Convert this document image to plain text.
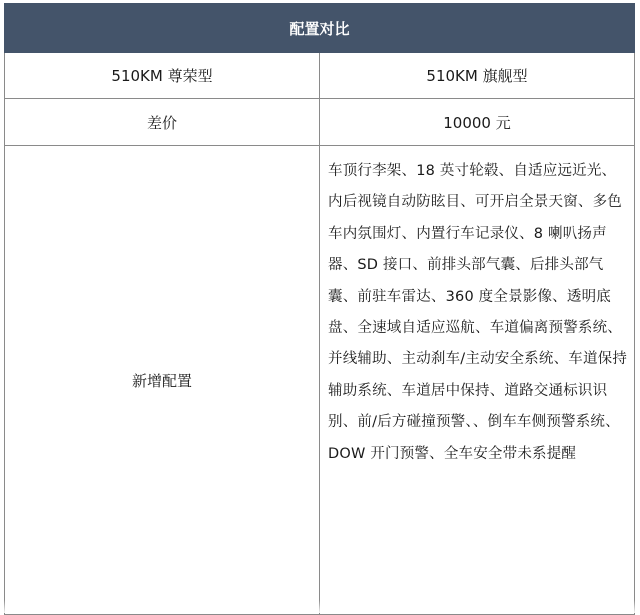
配置对比	
510KM 尊荣型	510KM 旗舰型
差价	10000 元
新增配置	车顶行李架、18 英寸轮毂、自适应远近光、内后视镜自动防眩目、可开启全景天窗、多色车内氛围灯、内置行车记录仪、8 喇叭扬声器、SD 接口、前排头部气囊、后排头部气囊、前驻车雷达、360 度全景影像、透明底盘、全速域自适应巡航、车道偏离预警系统、并线辅助、主动刹车/主动安全系统、车道保持辅助系统、车道居中保持、道路交通标识识别、前/后方碰撞预警、、倒车车侧预警系统、DOW 开门预警、全车安全带未系提醒
